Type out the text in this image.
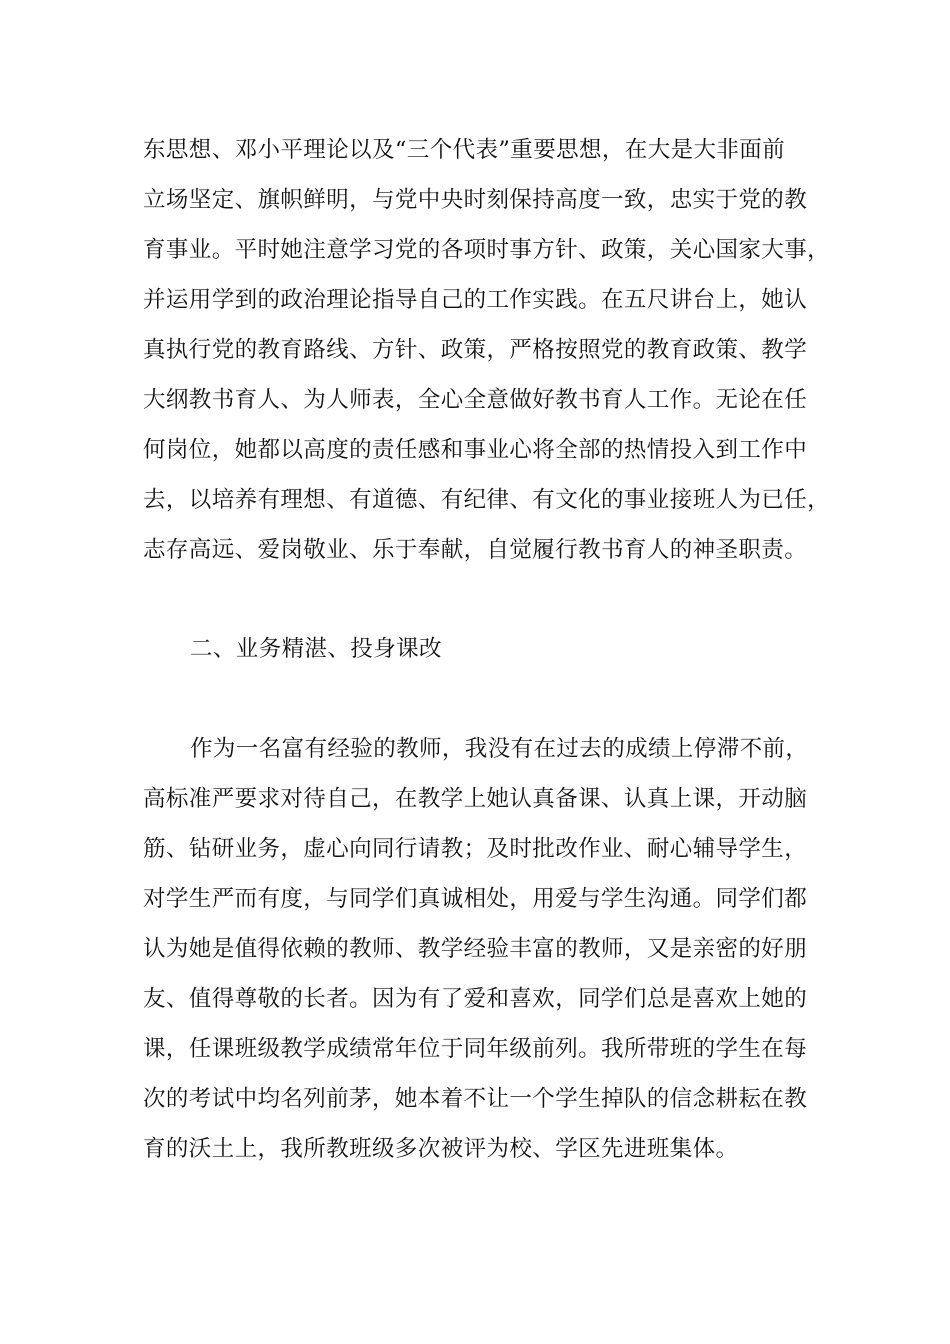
东思想、邓小平理论以及“三个代表”重要思想，在大是大非面前
立场坚定、旗帜鲜明，与党中央时刻保持高度一致，忠实于党的教
育事业。平时她注意学习党的各项时事方针、政策，关心国家大事，
并运用学到的政治理论指导自己的工作实践。在五尺讲台上，她认
真执行党的教育路线、方针、政策，严格按照党的教育政策、教学
大纲教书育人、为人师表，全心全意做好教书育人工作。无论在任
何岗位，她都以高度的责任感和事业心将全部的热情投入到工作中
去，以培养有理想、有道德、有纪律、有文化的事业接班人为已任，
志存高远、爱岗敬业、乐于奉献，自觉履行教书育人的神圣职责。
二、业务精湛、投身课改
作为一名富有经验的教师，我没有在过去的成绩上停滞不前，
高标准严要求对待自己，在教学上她认真备课、认真上课，开动脑
筋、钻研业务，虚心向同行请教；及时批改作业、耐心辅导学生，
对学生严而有度，与同学们真诚相处，用爱与学生沟通。同学们都
认为她是值得依赖的教师、教学经验丰富的教师，又是亲密的好朋
友、值得尊敬的长者。因为有了爱和喜欢，同学们总是喜欢上她的
课，任课班级教学成绩常年位于同年级前列。我所带班的学生在每
次的考试中均名列前茅，她本着不让一个学生掉队的信念耕耘在教
育的沃土上，我所教班级多次被评为校、学区先进班集体。
